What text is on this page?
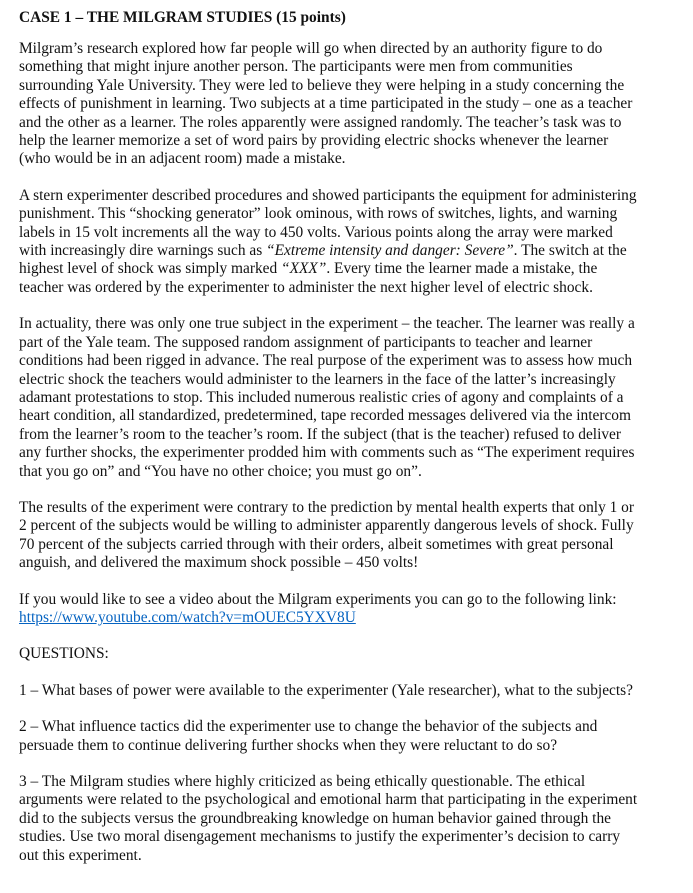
CASE 1 – THE MILGRAM STUDIES (15 points)
Milgram’s research explored how far people will go when directed by an authority figure to do
something that might injure another person. The participants were men from communities
surrounding Yale University. They were led to believe they were helping in a study concerning the
effects of punishment in learning. Two subjects at a time participated in the study – one as a teacher
and the other as a learner. The roles apparently were assigned randomly. The teacher’s task was to
help the learner memorize a set of word pairs by providing electric shocks whenever the learner
(who would be in an adjacent room) made a mistake.
A stern experimenter described procedures and showed participants the equipment for administering
punishment. This “shocking generator” look ominous, with rows of switches, lights, and warning
labels in 15 volt increments all the way to 450 volts. Various points along the array were marked
with increasingly dire warnings such as “Extreme intensity and danger: Severe”. The switch at the
highest level of shock was simply marked “XXX”. Every time the learner made a mistake, the
teacher was ordered by the experimenter to administer the next higher level of electric shock.
In actuality, there was only one true subject in the experiment – the teacher. The learner was really a
part of the Yale team. The supposed random assignment of participants to teacher and learner
conditions had been rigged in advance. The real purpose of the experiment was to assess how much
electric shock the teachers would administer to the learners in the face of the latter’s increasingly
adamant protestations to stop. This included numerous realistic cries of agony and complaints of a
heart condition, all standardized, predetermined, tape recorded messages delivered via the intercom
from the learner’s room to the teacher’s room. If the subject (that is the teacher) refused to deliver
any further shocks, the experimenter prodded him with comments such as “The experiment requires
that you go on” and “You have no other choice; you must go on”.
The results of the experiment were contrary to the prediction by mental health experts that only 1 or
2 percent of the subjects would be willing to administer apparently dangerous levels of shock. Fully
70 percent of the subjects carried through with their orders, albeit sometimes with great personal
anguish, and delivered the maximum shock possible – 450 volts!
If you would like to see a video about the Milgram experiments you can go to the following link:
https://www.youtube.com/watch?v=mOUEC5YXV8U
QUESTIONS:
1 – What bases of power were available to the experimenter (Yale researcher), what to the subjects?
2 – What influence tactics did the experimenter use to change the behavior of the subjects and
persuade them to continue delivering further shocks when they were reluctant to do so?
3 – The Milgram studies where highly criticized as being ethically questionable. The ethical
arguments were related to the psychological and emotional harm that participating in the experiment
did to the subjects versus the groundbreaking knowledge on human behavior gained through the
studies. Use two moral disengagement mechanisms to justify the experimenter’s decision to carry
out this experiment.
